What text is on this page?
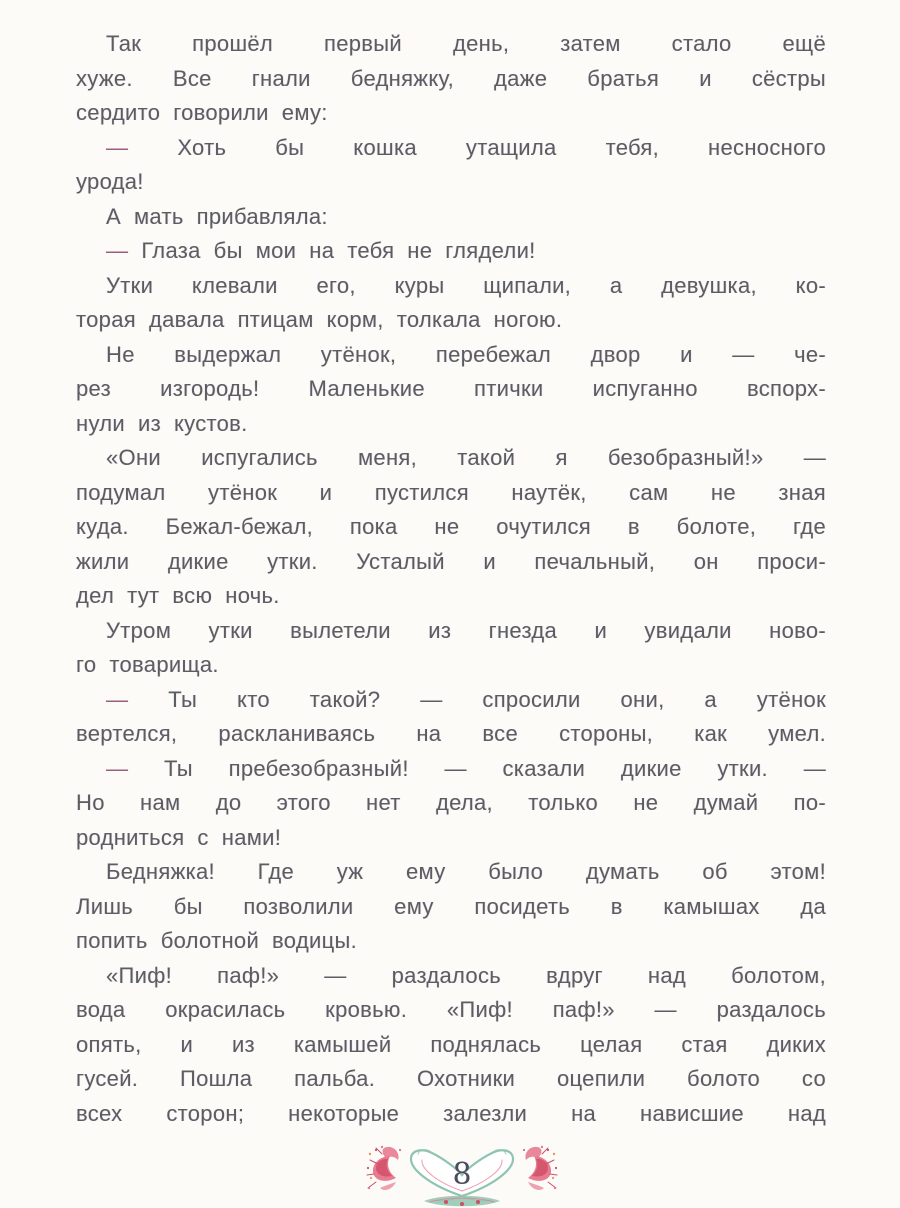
Так прошёл первый день, затем стало ещё
хуже. Все гнали бедняжку, даже братья и сёстры
сердито говорили ему:
— Хоть бы кошка утащила тебя, несносного
урода!
А мать прибавляла:
— Глаза бы мои на тебя не глядели!
Утки клевали его, куры щипали, а девушка, ко-
торая давала птицам корм, толкала ногою.
Не выдержал утёнок, перебежал двор и — че-
рез изгородь! Маленькие птички испуганно вспорх-
нули из кустов.
«Они испугались меня, такой я безобразный!» —
подумал утёнок и пустился наутёк, сам не зная
куда. Бежал-бежал, пока не очутился в болоте, где
жили дикие утки. Усталый и печальный, он проси-
дел тут всю ночь.
Утром утки вылетели из гнезда и увидали ново-
го товарища.
— Ты кто такой? — спросили они, а утёнок
вертелся, раскланиваясь на все стороны, как умел.
— Ты пребезобразный! — сказали дикие утки. —
Но нам до этого нет дела, только не думай по-
родниться с нами!
Бедняжка! Где уж ему было думать об этом!
Лишь бы позволили ему посидеть в камышах да
попить болотной водицы.
«Пиф! паф!» — раздалось вдруг над болотом,
вода окрасилась кровью. «Пиф! паф!» — раздалось
опять, и из камышей поднялась целая стая диких
гусей. Пошла пальба. Охотники оцепили болото со
всех сторон; некоторые залезли на нависшие над
8
